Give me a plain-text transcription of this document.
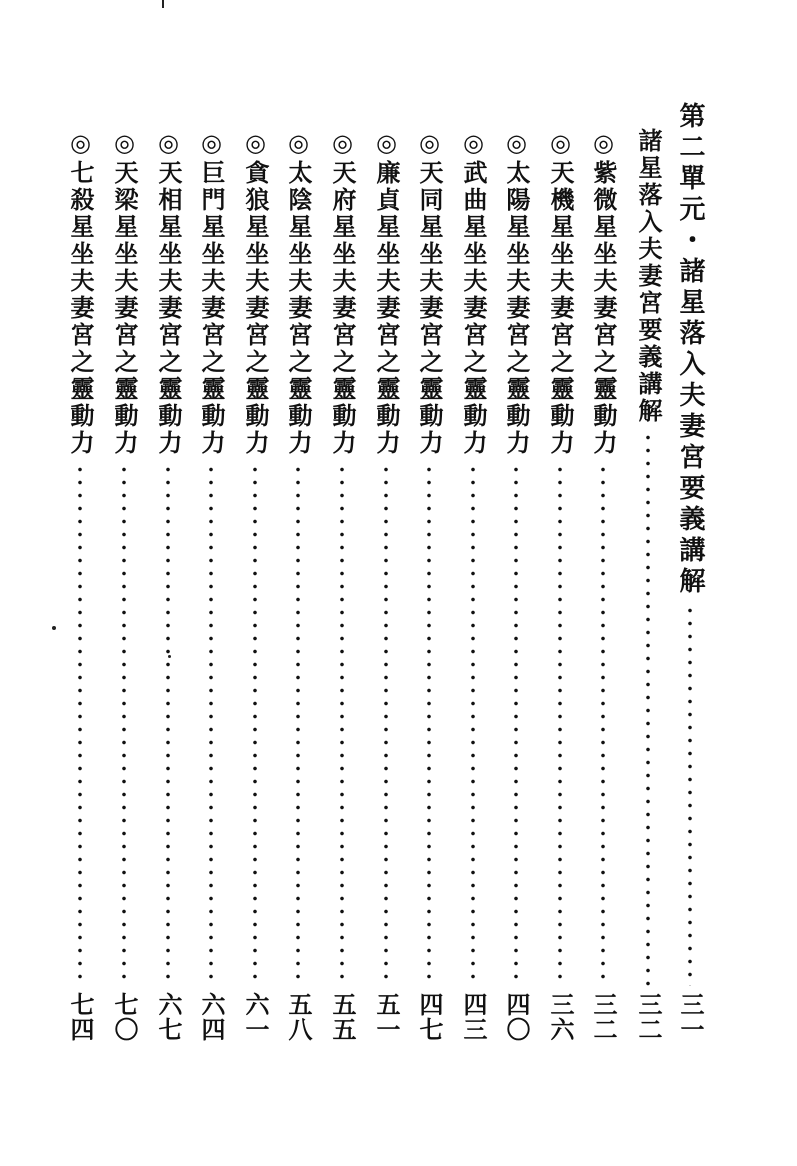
第二單元・諸星落入夫妻宮要義講解
三一
諸星落入夫妻宮要義講解
三二
◎紫微星坐夫妻宮之靈動力
三二
◎天機星坐夫妻宮之靈動力
三六
◎太陽星坐夫妻宮之靈動力
四〇
◎武曲星坐夫妻宮之靈動力
四三
◎天同星坐夫妻宮之靈動力
四七
◎廉貞星坐夫妻宮之靈動力
五一
◎天府星坐夫妻宮之靈動力
五五
◎太陰星坐夫妻宮之靈動力
五八
◎貪狼星坐夫妻宮之靈動力
六一
◎巨門星坐夫妻宮之靈動力
六四
◎天相星坐夫妻宮之靈動力
六七
◎天梁星坐夫妻宮之靈動力
七〇
◎七殺星坐夫妻宮之靈動力
七四
